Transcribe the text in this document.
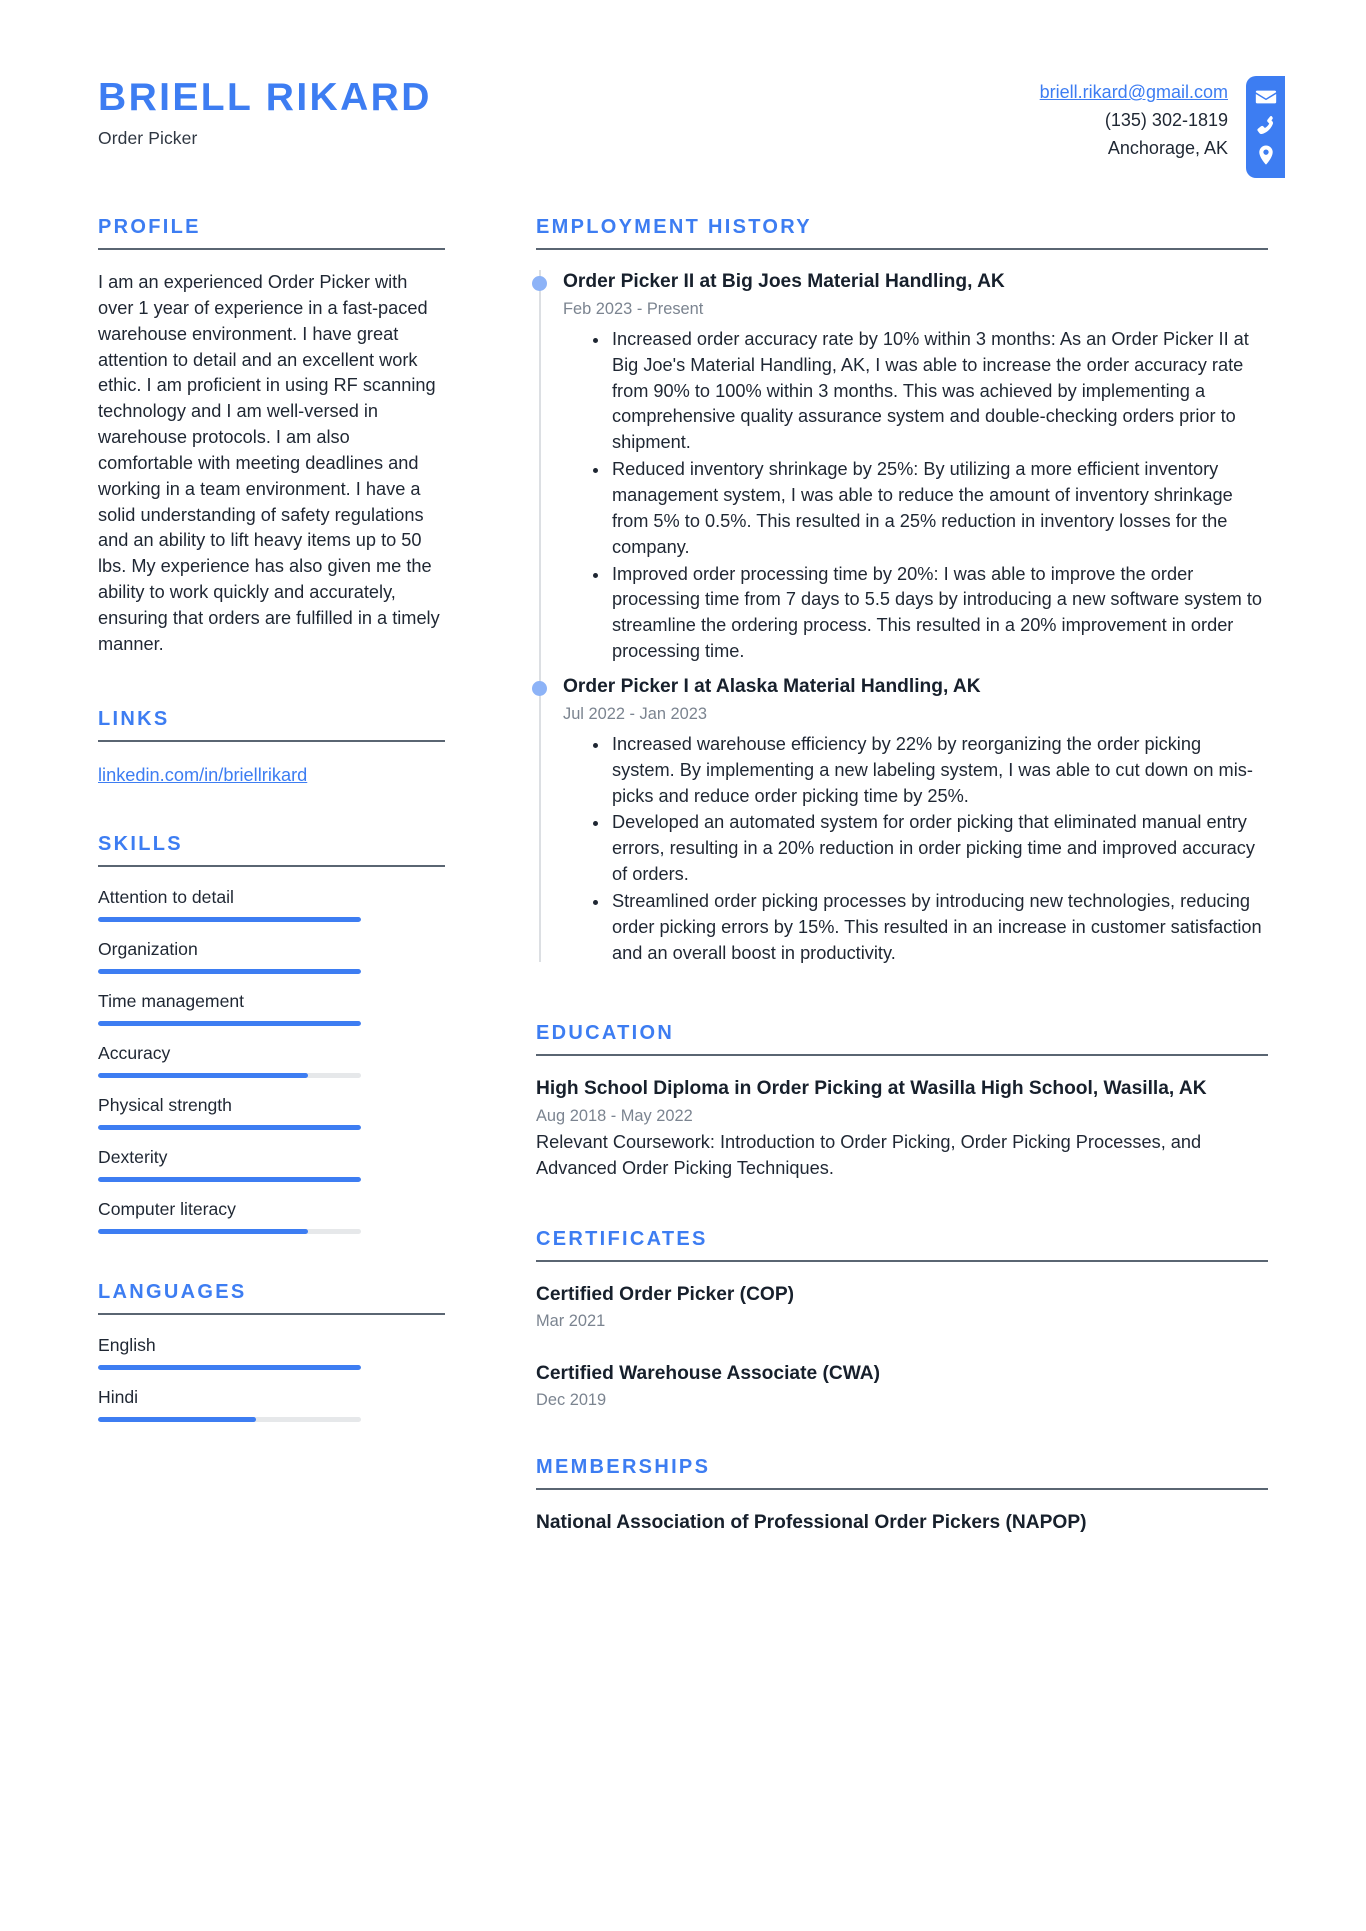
BRIELL RIKARD
Order Picker
briell.rikard@gmail.com
(135) 302-1819
Anchorage, AK
PROFILE
I am an experienced Order Picker with over 1 year of experience in a fast-paced warehouse environment. I have great attention to detail and an excellent work ethic. I am proficient in using RF scanning technology and I am well-versed in warehouse protocols. I am also comfortable with meeting deadlines and working in a team environment. I have a solid understanding of safety regulations and an ability to lift heavy items up to 50 lbs. My experience has also given me the ability to work quickly and accurately, ensuring that orders are fulfilled in a timely manner.
LINKS
linkedin.com/in/briellrikard
SKILLS
Attention to detail
Organization
Time management
Accuracy
Physical strength
Dexterity
Computer literacy
LANGUAGES
English
Hindi
EMPLOYMENT HISTORY
Order Picker II at Big Joes Material Handling, AK
Feb 2023 - Present
Increased order accuracy rate by 10% within 3 months: As an Order Picker II at Big Joe's Material Handling, AK, I was able to increase the order accuracy rate from 90% to 100% within 3 months. This was achieved by implementing a comprehensive quality assurance system and double-checking orders prior to shipment.
Reduced inventory shrinkage by 25%: By utilizing a more efficient inventory management system, I was able to reduce the amount of inventory shrinkage from 5% to 0.5%. This resulted in a 25% reduction in inventory losses for the company.
Improved order processing time by 20%: I was able to improve the order processing time from 7 days to 5.5 days by introducing a new software system to streamline the ordering process. This resulted in a 20% improvement in order processing time.
Order Picker I at Alaska Material Handling, AK
Jul 2022 - Jan 2023
Increased warehouse efficiency by 22% by reorganizing the order picking system. By implementing a new labeling system, I was able to cut down on mis-picks and reduce order picking time by 25%.
Developed an automated system for order picking that eliminated manual entry errors, resulting in a 20% reduction in order picking time and improved accuracy of orders.
Streamlined order picking processes by introducing new technologies, reducing order picking errors by 15%. This resulted in an increase in customer satisfaction and an overall boost in productivity.
EDUCATION
High School Diploma in Order Picking at Wasilla High School, Wasilla, AK
Aug 2018 - May 2022
Relevant Coursework: Introduction to Order Picking, Order Picking Processes, and Advanced Order Picking Techniques.
CERTIFICATES
Certified Order Picker (COP)
Mar 2021
Certified Warehouse Associate (CWA)
Dec 2019
MEMBERSHIPS
National Association of Professional Order Pickers (NAPOP)
